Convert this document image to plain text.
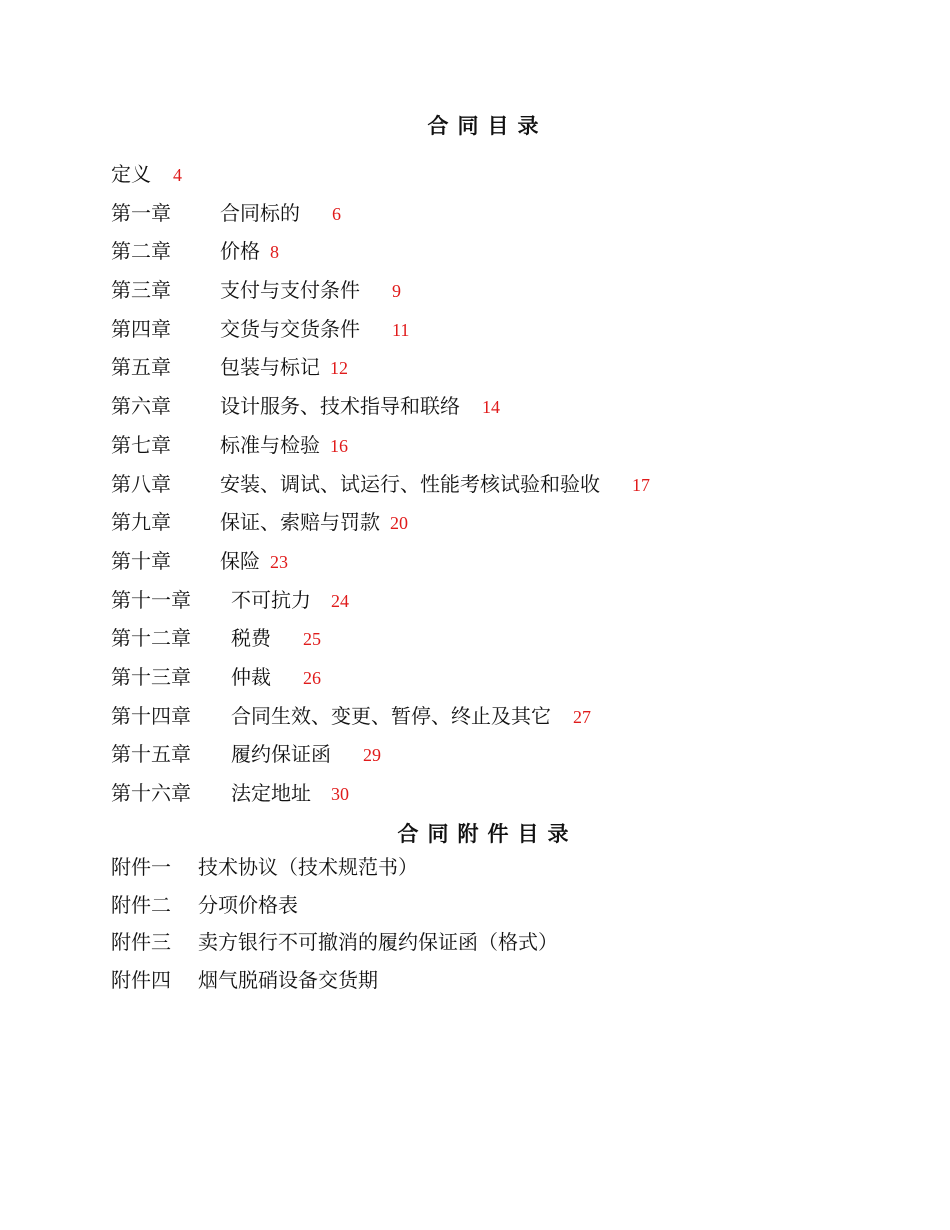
合同目录
定义 4
第一章 合同标的 6
第二章 价格 8
第三章 支付与支付条件 9
第四章 交货与交货条件 11
第五章 包装与标记 12
第六章 设计服务、技术指导和联络 14
第七章 标准与检验 16
第八章 安装、调试、试运行、性能考核试验和验收 17
第九章 保证、索赔与罚款 20
第十章 保险 23
第十一章 不可抗力 24
第十二章 税费 25
第十三章 仲裁 26
第十四章 合同生效、变更、暂停、终止及其它 27
第十五章 履约保证函 29
第十六章 法定地址 30
合同附件目录
附件一 技术协议（技术规范书）
附件二 分项价格表
附件三 卖方银行不可撤消的履约保证函（格式）
附件四 烟气脱硝设备交货期
